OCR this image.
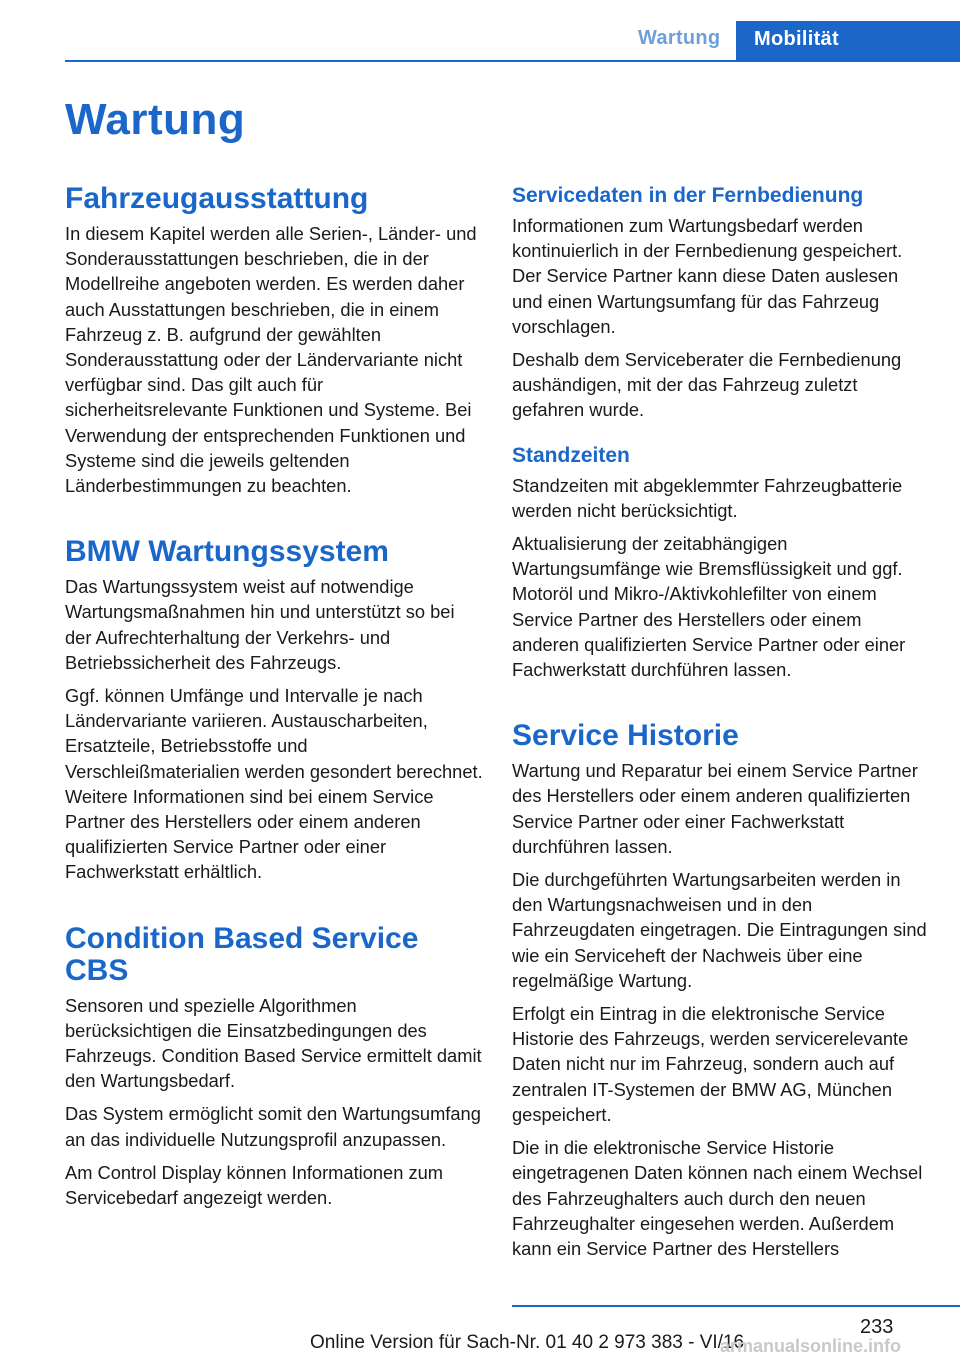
Wartung	Mobilität
Wartung
Fahrzeugausstattung

In diesem Kapitel werden alle Serien-, Länder- und Sonderausstattungen beschrieben, die in der Modellreihe angeboten werden. Es werden daher auch Ausstattungen beschrieben, die in einem Fahrzeug z. B. aufgrund der gewählten Sonderausstattung oder der Ländervariante nicht verfügbar sind. Das gilt auch für sicherheitsrelevante Funktionen und Systeme. Bei Verwendung der entsprechenden Funktionen und Systeme sind die jeweils geltenden Länderbestimmungen zu beachten.

BMW Wartungssystem

Das Wartungssystem weist auf notwendige Wartungsmaßnahmen hin und unterstützt so bei der Aufrechterhaltung der Verkehrs- und Betriebssicherheit des Fahrzeugs.

Ggf. können Umfänge und Intervalle je nach Ländervariante variieren. Austauscharbeiten, Ersatzteile, Betriebsstoffe und Verschleißmaterialien werden gesondert berechnet. Weitere Informationen sind bei einem Service Partner des Herstellers oder einem anderen qualifizierten Service Partner oder einer Fachwerkstatt erhältlich.

Condition Based Service CBS

Sensoren und spezielle Algorithmen berücksichtigen die Einsatzbedingungen des Fahrzeugs. Condition Based Service ermittelt damit den Wartungsbedarf.

Das System ermöglicht somit den Wartungsumfang an das individuelle Nutzungsprofil anzupassen.

Am Control Display können Informationen zum Servicebedarf angezeigt werden.

Servicedaten in der Fernbedienung

Informationen zum Wartungsbedarf werden kontinuierlich in der Fernbedienung gespeichert. Der Service Partner kann diese Daten auslesen und einen Wartungsumfang für das Fahrzeug vorschlagen.

Deshalb dem Serviceberater die Fernbedienung aushändigen, mit der das Fahrzeug zuletzt gefahren wurde.

Standzeiten

Standzeiten mit abgeklemmter Fahrzeugbatterie werden nicht berücksichtigt.

Aktualisierung der zeitabhängigen Wartungsumfänge wie Bremsflüssigkeit und ggf. Motoröl und Mikro-/Aktivkohlefilter von einem Service Partner des Herstellers oder einem anderen qualifizierten Service Partner oder einer Fachwerkstatt durchführen lassen.

Service Historie

Wartung und Reparatur bei einem Service Partner des Herstellers oder einem anderen qualifizierten Service Partner oder einer Fachwerkstatt durchführen lassen.

Die durchgeführten Wartungsarbeiten werden in den Wartungsnachweisen und in den Fahrzeugdaten eingetragen. Die Eintragungen sind wie ein Serviceheft der Nachweis über eine regelmäßige Wartung.

Erfolgt ein Eintrag in die elektronische Service Historie des Fahrzeugs, werden servicerelevante Daten nicht nur im Fahrzeug, sondern auch auf zentralen IT-Systemen der BMW AG, München gespeichert.

Die in die elektronische Service Historie eingetragenen Daten können nach einem Wechsel des Fahrzeughalters auch durch den neuen Fahrzeughalter eingesehen werden. Außerdem kann ein Service Partner des Herstellers

233
Online Version für Sach-Nr. 01 40 2 973 383 - VI/16
armanualsonline.info
